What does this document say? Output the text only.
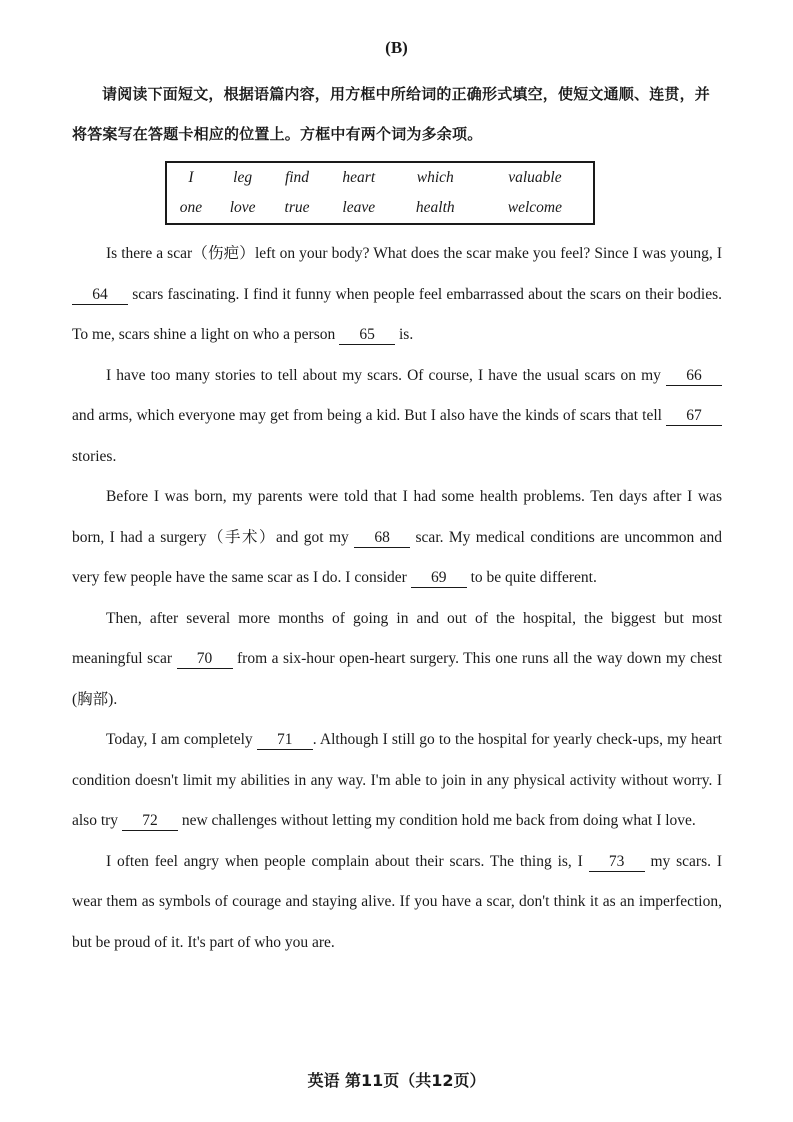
(B)
请阅读下面短文，根据语篇内容，用方框中所给词的正确形式填空，使短文通顺、连贯，并将答案写在答题卡相应的位置上。方框中有两个词为多余项。
I	leg	find	heart	which	valuable
one	love	true	leave	health	welcome

Is there a scar（伤疤）left on your body? What does the scar make you feel? Since I was young, I 64 scars fascinating. I find it funny when people feel embarrassed about the scars on their bodies. To me, scars shine a light on who a person 65 is.

I have too many stories to tell about my scars. Of course, I have the usual scars on my 66 and arms, which everyone may get from being a kid. But I also have the kinds of scars that tell 67 stories.

Before I was born, my parents were told that I had some health problems. Ten days after I was born, I had a surgery（手术）and got my 68 scar. My medical conditions are uncommon and very few people have the same scar as I do. I consider 69 to be quite different.

Then, after several more months of going in and out of the hospital, the biggest but most meaningful scar 70 from a six-hour open-heart surgery. This one runs all the way down my chest (胸部).

Today, I am completely 71 . Although I still go to the hospital for yearly check-ups, my heart condition doesn't limit my abilities in any way. I'm able to join in any physical activity without worry. I also try 72 new challenges without letting my condition hold me back from doing what I love.

I often feel angry when people complain about their scars. The thing is, I 73 my scars. I wear them as symbols of courage and staying alive. If you have a scar, don't think it as an imperfection, but be proud of it. It's part of who you are.

英语 第11页（共12页）
